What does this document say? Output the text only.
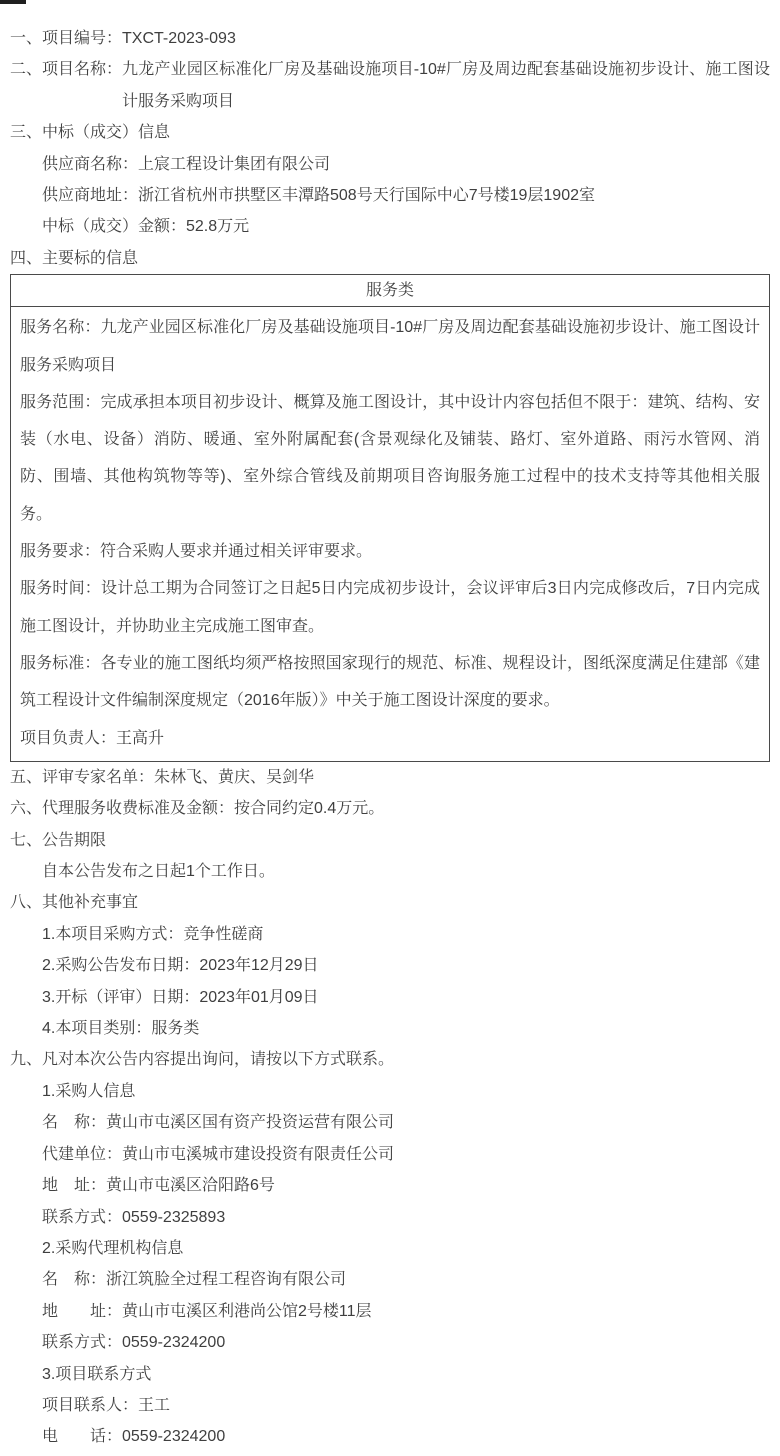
一、项目编号：TXCT-2023-093
二、项目名称： 九龙产业园区标准化厂房及基础设施项目-10#厂房及周边配套基础设施初步设计、施工图设计服务采购项目
三、中标（成交）信息
供应商名称：上宸工程设计集团有限公司
供应商地址：浙江省杭州市拱墅区丰潭路508号天行国际中心7号楼19层1902室
中标（成交）金额：52.8万元
四、主要标的信息
服务类

服务名称：九龙产业园区标准化厂房及基础设施项目-10#厂房及周边配套基础设施初步设计、施工图设计服务采购项目

服务范围：完成承担本项目初步设计、概算及施工图设计，其中设计内容包括但不限于：建筑、结构、安装（水电、设备）消防、暖通、室外附属配套(含景观绿化及铺装、路灯、室外道路、雨污水管网、消防、围墙、其他构筑物等等)、室外综合管线及前期项目咨询服务施工过程中的技术支持等其他相关服务。

服务要求：符合采购人要求并通过相关评审要求。

服务时间：设计总工期为合同签订之日起5日内完成初步设计，会议评审后3日内完成修改后，7日内完成施工图设计，并协助业主完成施工图审查。

服务标准：各专业的施工图纸均须严格按照国家现行的规范、标准、规程设计，图纸深度满足住建部《建筑工程设计文件编制深度规定（2016年版）》中关于施工图设计深度的要求。

项目负责人：王高升

五、评审专家名单：朱林飞、黄庆、吴剑华
六、代理服务收费标准及金额：按合同约定0.4万元。
七、公告期限
自本公告发布之日起1个工作日。
八、其他补充事宜
1.本项目采购方式：竞争性磋商
2.采购公告发布日期：2023年12月29日
3.开标（评审）日期：2023年01月09日
4.本项目类别：服务类
九、凡对本次公告内容提出询问，请按以下方式联系。
1.采购人信息
名　称：黄山市屯溪区国有资产投资运营有限公司
代建单位：黄山市屯溪城市建设投资有限责任公司
地　址：黄山市屯溪区洽阳路6号
联系方式：0559-2325893
2.采购代理机构信息
名　称：浙江筑脸全过程工程咨询有限公司
地　　址：黄山市屯溪区利港尚公馆2号楼11层
联系方式：0559-2324200
3.项目联系方式
项目联系人：王工
电　　话：0559-2324200
